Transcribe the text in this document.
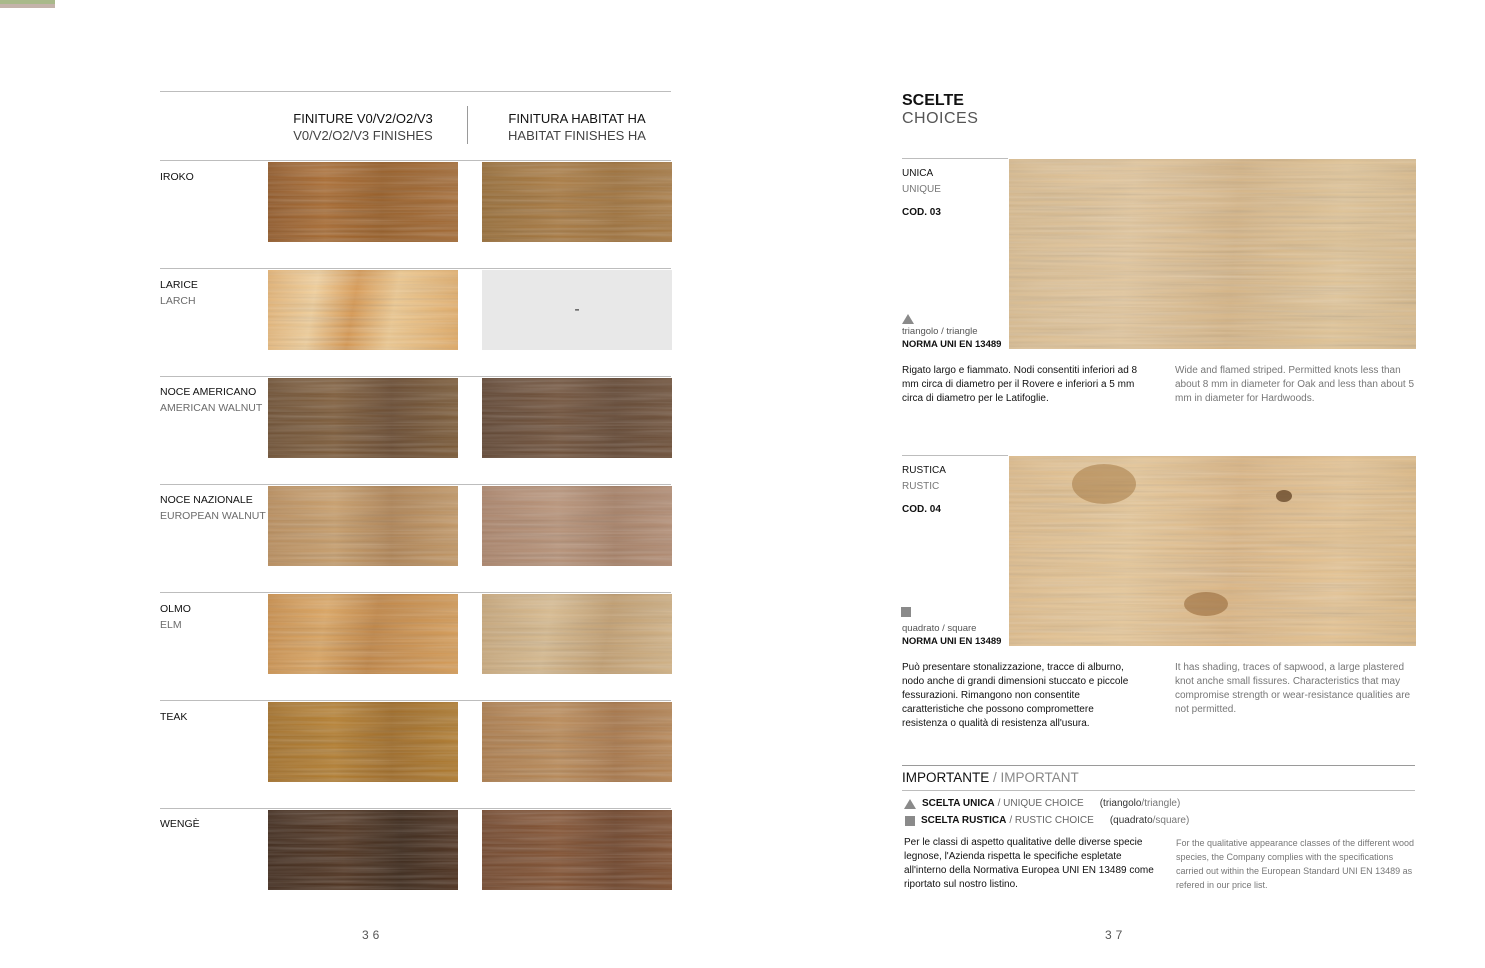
FINITURE V0/V2/O2/V3
V0/V2/O2/V3 FINISHES
FINITURA HABITAT HA
HABITAT FINISHES HA
IROKO
LARICE
LARCH	-
NOCE AMERICANO
AMERICAN WALNUT
NOCE NAZIONALE
EUROPEAN WALNUT
OLMO
ELM
TEAK
WENGÈ
36
SCELTE
CHOICES
UNICA
UNIQUE
COD. 03
triangolo / triangle
NORMA UNI EN 13489
Rigato largo e fiammato. Nodi consentiti inferiori ad 8 mm circa di diametro per il Rovere e inferiori a 5 mm circa di diametro per le Latifoglie.
Wide and flamed striped. Permitted knots less than about 8 mm in diameter for Oak and less than about 5 mm in diameter for Hardwoods.
RUSTICA
RUSTIC
COD. 04
quadrato / square
NORMA UNI EN 13489
Può presentare stonalizzazione, tracce di alburno, nodo anche di grandi dimensioni stuccato e piccole fessurazioni. Rimangono non consentite caratteristiche che possono compromettere resistenza o qualità di resistenza all'usura.
It has shading, traces of sapwood, a large plastered knot anche small fissures. Characteristics that may compromise strength or wear-resistance qualities are not permitted.
IMPORTANTE / IMPORTANT
SCELTA UNICA / UNIQUE CHOICE (triangolo/triangle)
SCELTA RUSTICA / RUSTIC CHOICE (quadrato/square)
Per le classi di aspetto qualitative delle diverse specie legnose, l'Azienda rispetta le specifiche espletate all'interno della Normativa Europea UNI EN 13489 come riportato sul nostro listino.
For the qualitative appearance classes of the different wood species, the Company complies with the specifications carried out within the European Standard UNI EN 13489 as refered in our price list.
37
